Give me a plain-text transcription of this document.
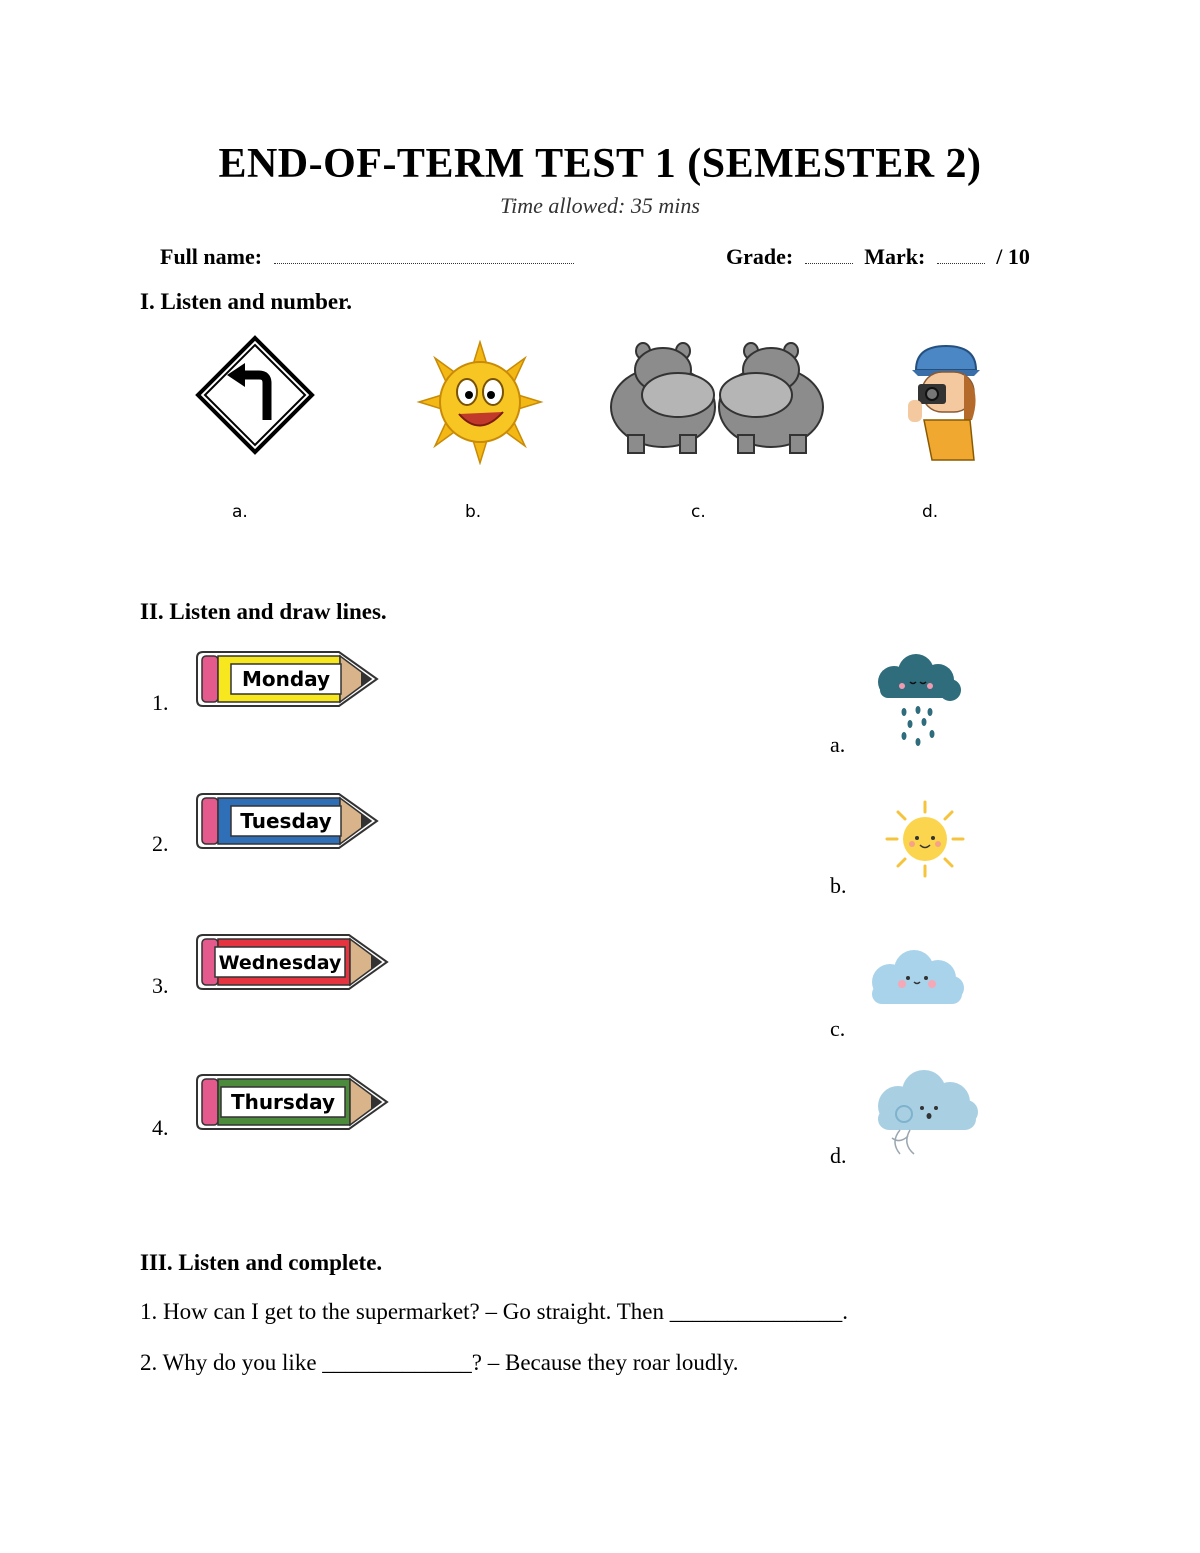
END-OF-TERM TEST 1 (SEMESTER 2)
Time allowed: 35 mins
Full name:	Grade:	Mark:	/ 10
I. Listen and number.
a.	b.	c.	d.
II. Listen and draw lines.
1.
2.
3.
4.
Monday
Tuesday
Wednesday
Thursday
a.
b.
c.
d.
III. Listen and complete.
1. How can I get to the supermarket? – Go straight. Then _______________.
2. Why do you like _____________? – Because they roar loudly.
